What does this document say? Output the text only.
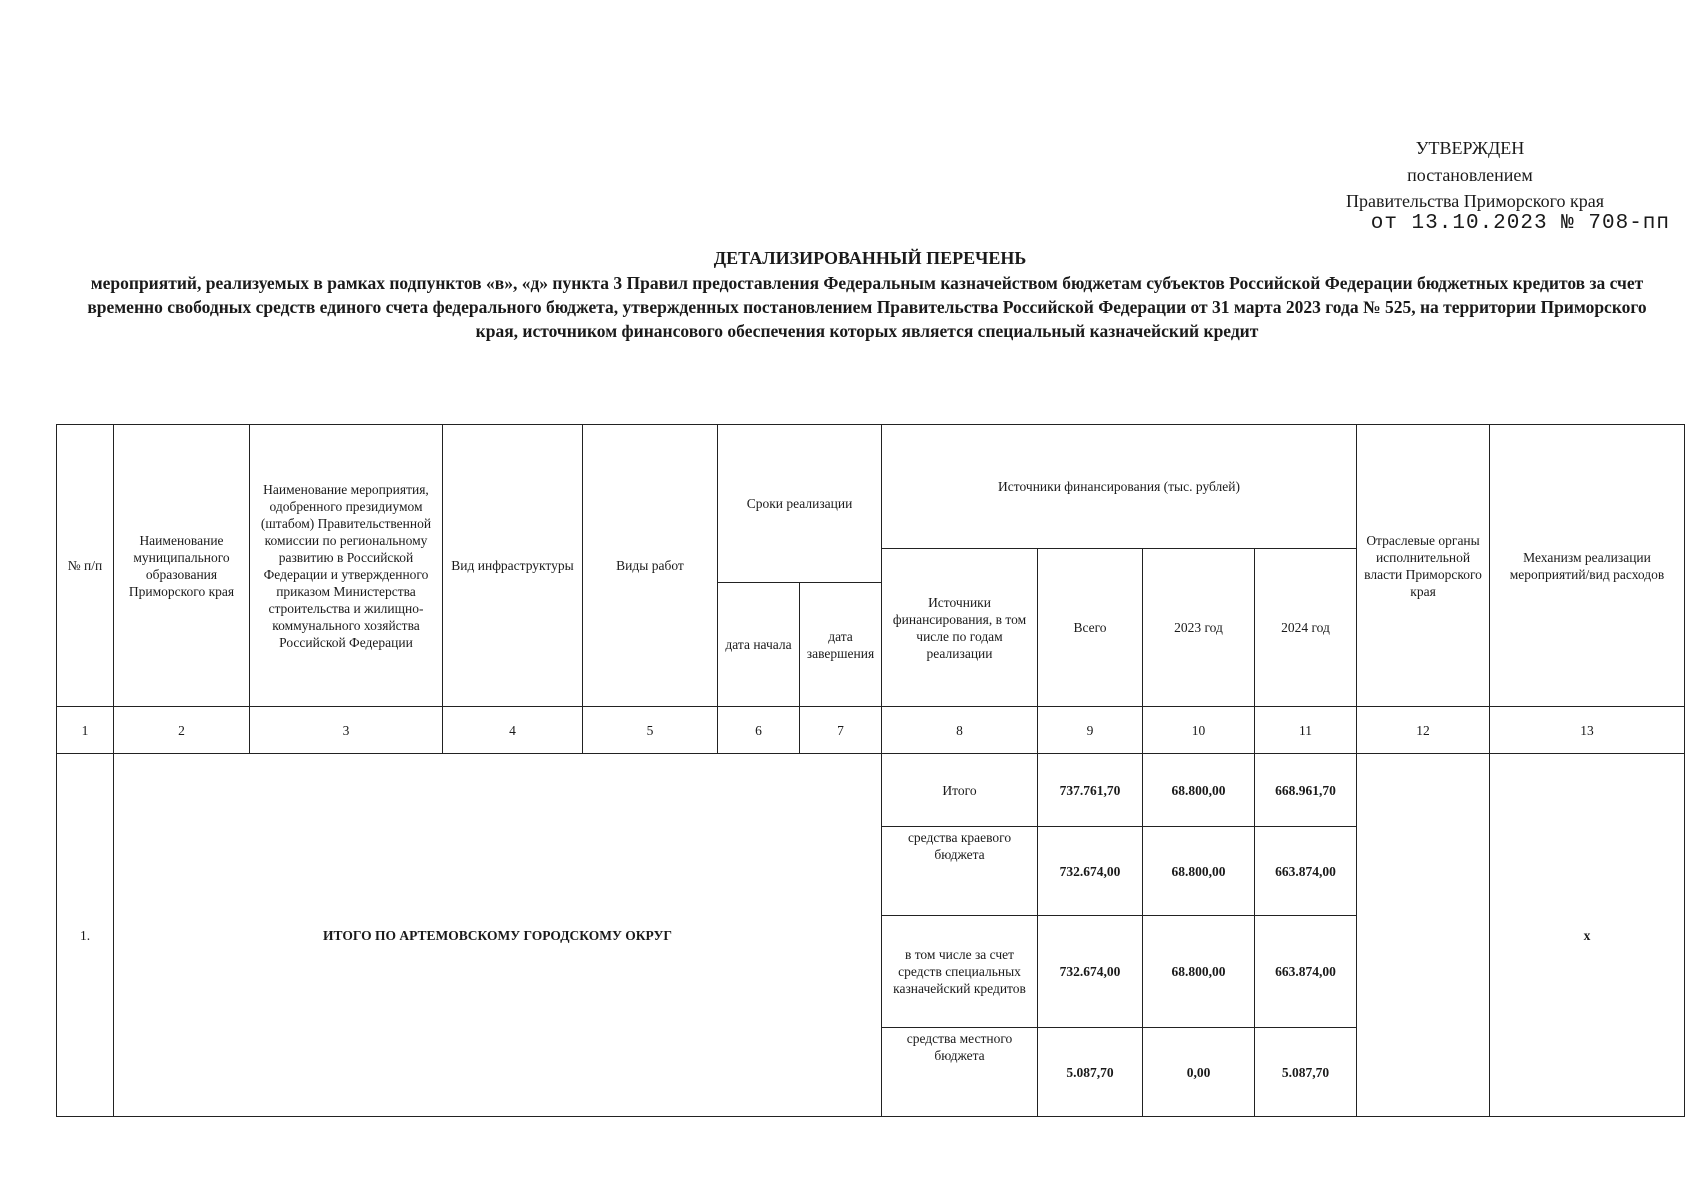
УТВЕРЖДЕН
постановлением
Правительства Приморского края
от 13.10.2023 № 708-пп
ДЕТАЛИЗИРОВАННЫЙ ПЕРЕЧЕНЬ
мероприятий, реализуемых в рамках подпунктов «в», «д» пункта 3 Правил предоставления Федеральным казначейством бюджетам субъектов Российской Федерации бюджетных кредитов за счет временно свободных средств единого счета федерального бюджета, утвержденных постановлением Правительства Российской Федерации от 31 марта 2023 года № 525, на территории Приморского края, источником финансового обеспечения которых является специальный казначейский кредит
№ п/п	Наименование муниципального образования Приморского края	Наименование мероприятия, одобренного президиумом (штабом) Правительственной комиссии по региональному развитию в Российской Федерации и утвержденного приказом Министерства строительства и жилищно-коммунального хозяйства Российской Федерации	Вид инфраструктуры	Виды работ	Сроки реализации		Источники финансирования (тыс. рублей)				Отраслевые органы исполнительной власти Приморского края	Механизм реализации мероприятий/вид расходов
							Источники финансирования, в том числе по годам реализации	Всего	2023 год	2024 год		
					дата начала	дата завершения						
1	2	3	4	5	6	7	8	9	10	11	12	13
1.	ИТОГО ПО АРТЕМОВСКОМУ ГОРОДСКОМУ ОКРУГ						Итого	737.761,70	68.800,00	668.961,70		x
							средства краевого бюджета	732.674,00	68.800,00	663.874,00		
							в том числе за счет средств специальных казначейский кредитов	732.674,00	68.800,00	663.874,00		
							средства местного бюджета	5.087,70	0,00	5.087,70		
